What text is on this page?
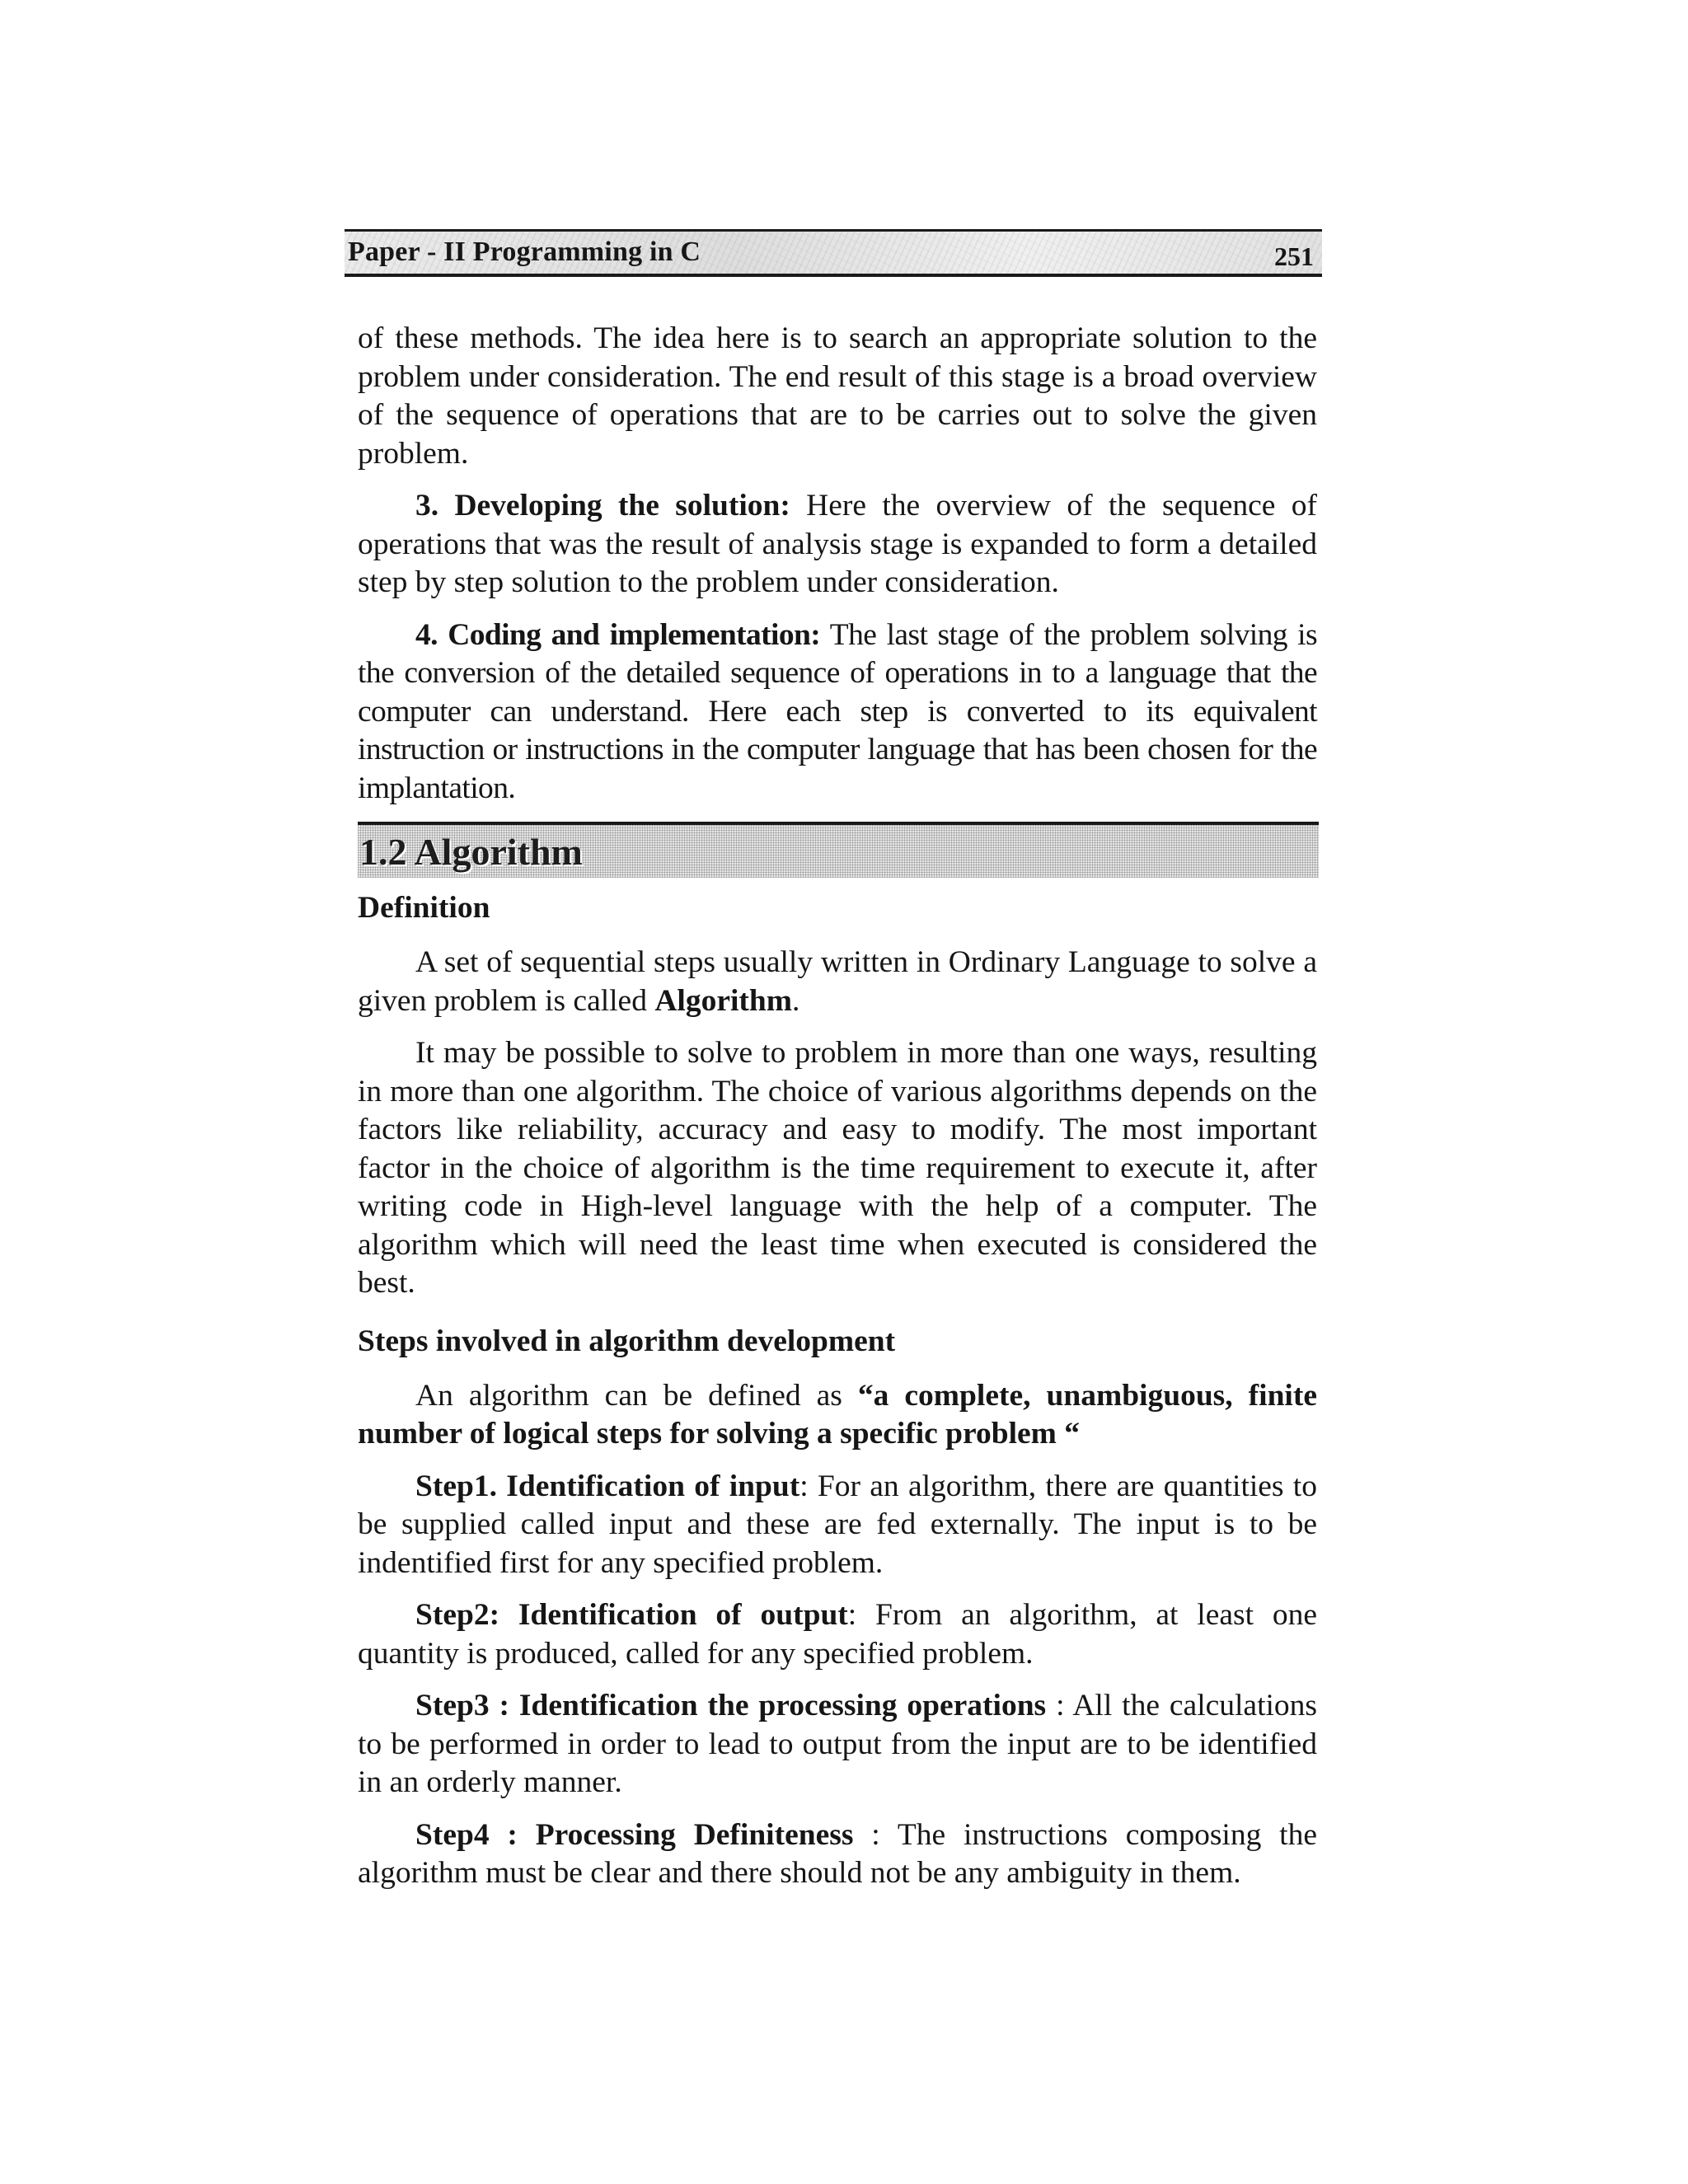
Paper - II Programming in C	251

of these methods. The idea here is to search an appropriate solution to the problem under consideration. The end result of this stage is a broad overview of the sequence of operations that are to be carries out to solve the given problem.

3. Developing the solution: Here the overview of the sequence of operations that was the result of analysis stage is expanded to form a detailed step by step solution to the problem under consideration.

4. Coding and implementation: The last stage of the problem solving is the conversion of the detailed sequence of operations in to a language that the computer can understand. Here each step is converted to its equivalent instruction or instructions in the computer language that has been chosen for the implantation.

1.2 Algorithm
Definition

A set of sequential steps usually written in Ordinary Language to solve a given problem is called Algorithm.

It may be possible to solve to problem in more than one ways, resulting in more than one algorithm. The choice of various algorithms depends on the factors like reliability, accuracy and easy to modify. The most important factor in the choice of algorithm is the time requirement to execute it, after writing code in High-level language with the help of a computer. The algorithm which will need the least time when executed is considered the best.

Steps involved in algorithm development

An algorithm can be defined as “a complete, unambiguous, finite number of logical steps for solving a specific problem “

Step1. Identification of input: For an algorithm, there are quantities to be supplied called input and these are fed externally. The input is to be indentified first for any specified problem.

Step2: Identification of output: From an algorithm, at least one quantity is produced, called for any specified problem.

Step3 : Identification the processing operations : All the calculations to be performed in order to lead to output from the input are to be identified in an orderly manner.

Step4 : Processing Definiteness : The instructions composing the algorithm must be clear and there should not be any ambiguity in them.
